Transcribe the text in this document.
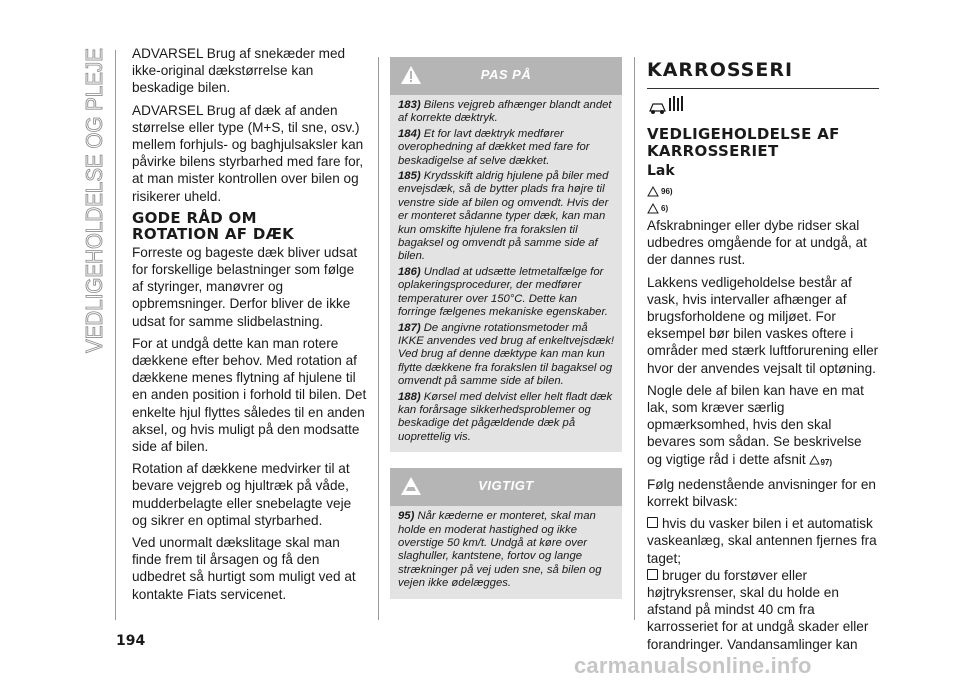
VEDLIGEHOLDELSE OG PLEJE ADVARSEL Brug af snekæder med ikke-original dækstørrelse kan beskadige bilen.

ADVARSEL Brug af dæk af anden størrelse eller type (M+S, til sne, osv.) mellem forhjuls- og baghjulsaksler kan påvirke bilens styrbarhed med fare for, at man mister kontrollen over bilen og risikerer uheld.

GODE RÅD OM
ROTATION AF DÆK

Forreste og bageste dæk bliver udsat for forskellige belastninger som følge af styringer, manøvrer og opbremsninger. Derfor bliver de ikke udsat for samme slidbelastning.

For at undgå dette kan man rotere dækkene efter behov. Med rotation af dækkene menes flytning af hjulene til en anden position i forhold til bilen. Det enkelte hjul flyttes således til en anden aksel, og hvis muligt på den modsatte side af bilen.

Rotation af dækkene medvirker til at bevare vejgreb og hjultræk på våde, mudderbelagte eller snebelagte veje og sikrer en optimal styrbarhed.

Ved unormalt dækslitage skal man finde frem til årsagen og få den udbedret så hurtigt som muligt ved at kontakte Fiats servicenet.

PAS PÅ

183) Bilens vejgreb afhænger blandt andet af korrekte dæktryk.

184) Et for lavt dæktryk medfører overophedning af dækket med fare for beskadigelse af selve dækket.

185) Krydsskift aldrig hjulene på biler med envejsdæk, så de bytter plads fra højre til venstre side af bilen og omvendt. Hvis der er monteret sådanne typer dæk, kan man kun omskifte hjulene fra forakslen til bagaksel og omvendt på samme side af bilen.

186) Undlad at udsætte letmetalfælge for oplakeringsprocedurer, der medfører temperaturer over 150°C. Dette kan forringe fælgenes mekaniske egenskaber.

187) De angivne rotationsmetoder må IKKE anvendes ved brug af enkeltvejsdæk! Ved brug af denne dæktype kan man kun flytte dækkene fra forakslen til bagaksel og omvendt på samme side af bilen.

188) Kørsel med delvist eller helt fladt dæk kan forårsage sikkerhedsproblemer og beskadige det pågældende dæk på uoprettelig vis.

VIGTIGT

95) Når kæderne er monteret, skal man holde en moderat hastighed og ikke overstige 50 km/t. Undgå at køre over slaghuller, kantstene, fortov og lange strækninger på vej uden sne, så bilen og vejen ikke ødelægges.

KARROSSERI
VEDLIGEHOLDELSE AF
KARROSSERIET
Lak
96)
6)

Afskrabninger eller dybe ridser skal udbedres omgående for at undgå, at der dannes rust.

Lakkens vedligeholdelse består af vask, hvis intervaller afhænger af brugsforholdene og miljøet. For eksempel bør bilen vaskes oftere i områder med stærk luftforurening eller hvor der anvendes vejsalt til optøning.

Nogle dele af bilen kan have en mat lak, som kræver særlig opmærksomhed, hvis den skal bevares som sådan. Se beskrivelse og vigtige råd i dette afsnit 97)

Følg nedenstående anvisninger for en korrekt bilvask:

hvis du vasker bilen i et automatisk vaskeanlæg, skal antennen fjernes fra taget;

bruger du forstøver eller højtryksrenser, skal du holde en afstand på mindst 40 cm fra karrosseriet for at undgå skader eller forandringer. Vandansamlinger kan

194
carmanualsonline.info
